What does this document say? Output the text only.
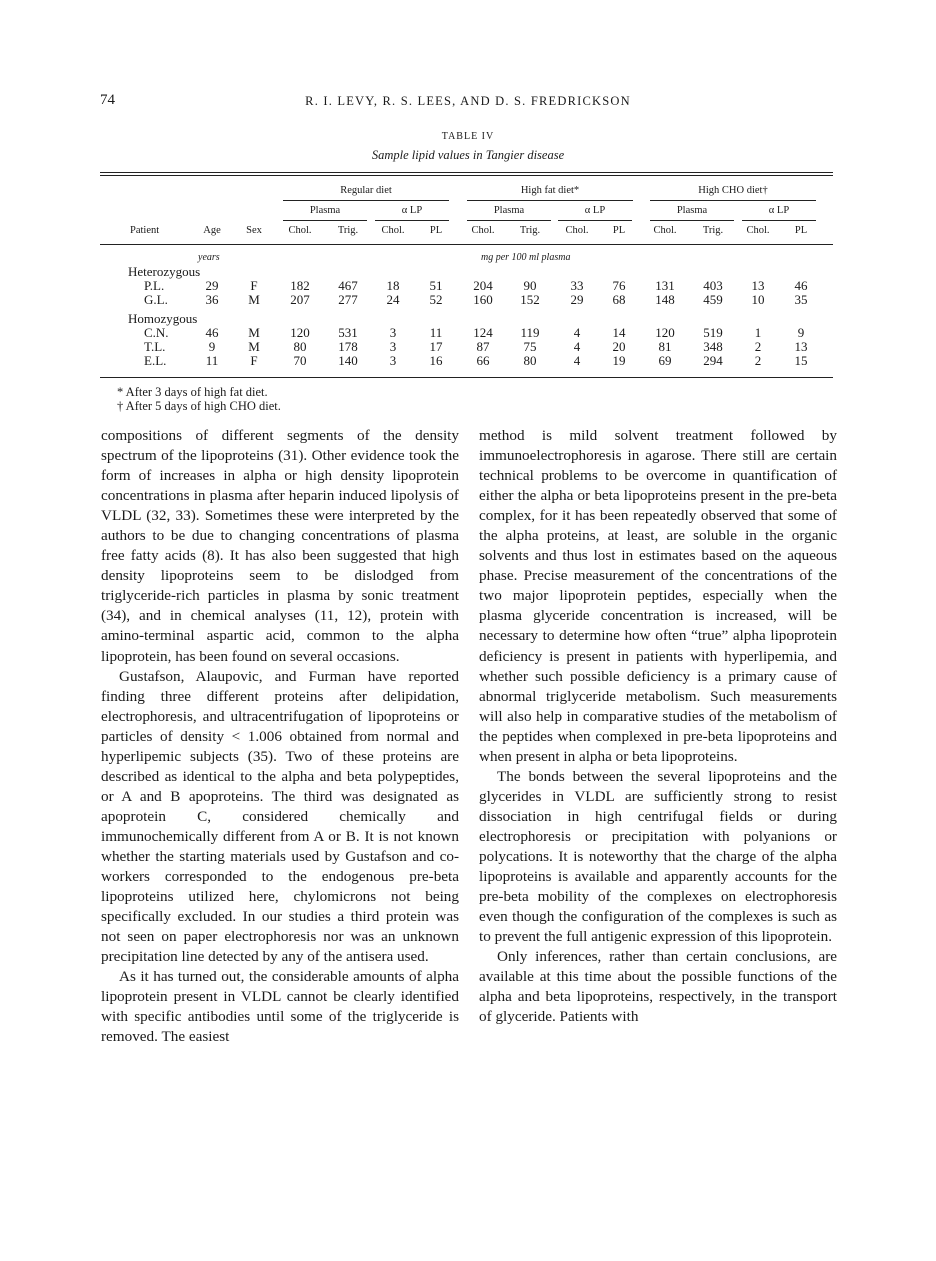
74	R. I. LEVY, R. S. LEES, AND D. S. FREDRICKSON
TABLE IV
Sample lipid values in Tangier disease
Regular diet	High fat diet*	High CHO diet†
Plasma	α LP	Plasma	α LP	Plasma	α LP
Patient	Age	Sex	Chol.	Trig.	Chol.	PL	Chol.	Trig.	Chol.	PL	Chol.	Trig.	Chol.	PL
years	mg per 100 ml plasma
Heterozygous
P.L.	29	F	182	467	18	51	204	90	33	76	131	403	13	46
G.L.	36	M	207	277	24	52	160	152	29	68	148	459	10	35
Homozygous
C.N.	46	M	120	531	3	11	124	119	4	14	120	519	1	9
T.L.	9	M	80	178	3	17	87	75	4	20	81	348	2	13
E.L.	11	F	70	140	3	16	66	80	4	19	69	294	2	15
* After 3 days of high fat diet.
† After 5 days of high CHO diet.

compositions of different segments of the density spectrum of the lipoproteins (31). Other evidence took the form of increases in alpha or high density lipoprotein concentrations in plasma after heparin induced lipolysis of VLDL (32, 33). Sometimes these were interpreted by the authors to be due to changing concentrations of plasma free fatty acids (8). It has also been suggested that high density lipoproteins seem to be dislodged from triglyceride-rich particles in plasma by sonic treatment (34), and in chemical analyses (11, 12), protein with amino-terminal aspartic acid, common to the alpha lipoprotein, has been found on several occasions.

Gustafson, Alaupovic, and Furman have reported finding three different proteins after delipidation, electrophoresis, and ultracentrifugation of lipoproteins or particles of density < 1.006 obtained from normal and hyperlipemic subjects (35). Two of these proteins are described as identical to the alpha and beta polypeptides, or A and B apoproteins. The third was designated as apoprotein C, considered chemically and immunochemically different from A or B. It is not known whether the starting materials used by Gustafson and co-workers corresponded to the endogenous pre-beta lipoproteins utilized here, chylomicrons not being specifically excluded. In our studies a third protein was not seen on paper electrophoresis nor was an unknown precipitation line detected by any of the antisera used.

As it has turned out, the considerable amounts of alpha lipoprotein present in VLDL cannot be clearly identified with specific antibodies until some of the triglyceride is removed. The easiest

method is mild solvent treatment followed by immunoelectrophoresis in agarose. There still are certain technical problems to be overcome in quantification of either the alpha or beta lipoproteins present in the pre-beta complex, for it has been repeatedly observed that some of the alpha proteins, at least, are soluble in the organic solvents and thus lost in estimates based on the aqueous phase. Precise measurement of the concentrations of the two major lipoprotein peptides, especially when the plasma glyceride concentration is increased, will be necessary to determine how often “true” alpha lipoprotein deficiency is present in patients with hyperlipemia, and whether such possible deficiency is a primary cause of abnormal triglyceride metabolism. Such measurements will also help in comparative studies of the metabolism of the peptides when complexed in pre-beta lipoproteins and when present in alpha or beta lipoproteins.

The bonds between the several lipoproteins and the glycerides in VLDL are sufficiently strong to resist dissociation in high centrifugal fields or during electrophoresis or precipitation with polyanions or polycations. It is noteworthy that the charge of the alpha lipoproteins is available and apparently accounts for the pre-beta mobility of the complexes on electrophoresis even though the configuration of the complexes is such as to prevent the full antigenic expression of this lipoprotein.

Only inferences, rather than certain conclusions, are available at this time about the possible functions of the alpha and beta lipoproteins, respectively, in the transport of glyceride. Patients with
